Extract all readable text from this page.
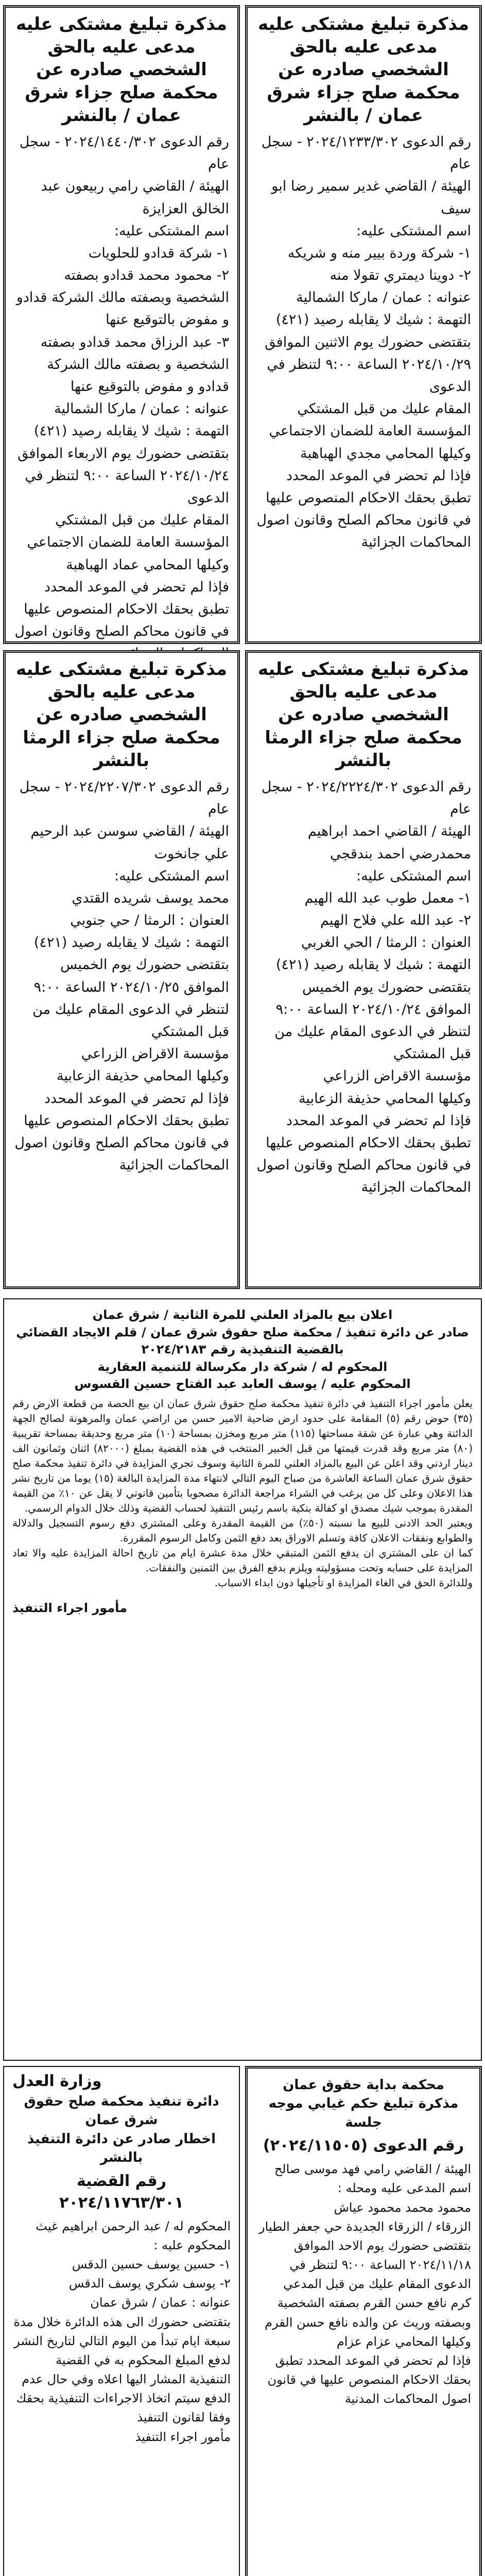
مذكرة تبليغ مشتكى عليه مدعى عليه بالحق الشخصي صادره عن محكمة صلح جزاء شرق عمان / بالنشر

رقم الدعوى ٢٠٢٤/١٢٣٣/٣٠٢ - سجل عام
الهيئة / القاضي غدير سمير رضا ابو سيف
اسم المشتكى عليه:
١- شركة وردة بيير منه و شريكه
٢- دوينا ديمتري تقولا منه
عنوانه : عمان / ماركا الشمالية
التهمة : شيك لا يقابله رصيد (٤٢١)
بتقتضى حضورك يوم الاثنين الموافق ٢٠٢٤/١٠/٢٩ الساعة ٩:٠٠ لتنظر في الدعوى
المقام عليك من قبل المشتكي المؤسسة العامة للضمان الاجتماعي
وكيلها المحامي مجدي الهباهبة
فإذا لم تحضر في الموعد المحدد تطبق بحقك الاحكام المنصوص عليها في قانون محاكم الصلح وقانون اصول المحاكمات الجزائية

مذكرة تبليغ مشتكى عليه مدعى عليه بالحق الشخصي صادره عن محكمة صلح جزاء شرق عمان / بالنشر

رقم الدعوى ٢٠٢٤/١٤٤٠/٣٠٢ - سجل عام
الهيئة / القاضي رامي ربيعون عبد الخالق العزايزة
اسم المشتكى عليه:
١- شركة قدادو للحلويات
٢- محمود محمد قدادو بصفته الشخصية وبصفته مالك الشركة قدادو و مفوض بالتوقيع عنها
٣- عبد الرزاق محمد قدادو بصفته الشخصية و بصفته مالك الشركة قدادو و مفوض بالتوقيع عنها
عنوانه : عمان / ماركا الشمالية
التهمة : شيك لا يقابله رصيد (٤٢١)
بتقتضى حضورك يوم الاربعاء الموافق ٢٠٢٤/١٠/٢٤ الساعة ٩:٠٠ لتنظر في الدعوى
المقام عليك من قبل المشتكي المؤسسة العامة للضمان الاجتماعي
وكيلها المحامي عماد الهباهبة
فإذا لم تحضر في الموعد المحدد تطبق بحقك الاحكام المنصوص عليها في قانون محاكم الصلح وقانون اصول

مذكرة تبليغ مشتكى عليه مدعى عليه بالحق الشخصي صادره عن محكمة صلح جزاء الرمثا بالنشر

رقم الدعوى ٢٠٢٤/٢٢٢٤/٣٠٢ - سجل عام
الهيئة / القاضي احمد ابراهيم محمدرضي احمد بندقجي
اسم المشتكى عليه:
١- معمل طوب عبد الله الهيم
٢- عبد الله علي فلاح الهيم
العنوان : الرمثا / الحي الغربي
التهمة : شيك لا يقابله رصيد (٤٢١)
بتقتضى حضورك يوم الخميس الموافق ٢٠٢٤/١٠/٢٤ الساعة ٩:٠٠ لتنظر في الدعوى المقام عليك من قبل المشتكي
مؤسسة الاقراض الزراعي
وكيلها المحامي حذيفة الزعابية
فإذا لم تحضر في الموعد المحدد تطبق بحقك الاحكام المنصوص عليها في قانون محاكم الصلح وقانون اصول المحاكمات الجزائية

مذكرة تبليغ مشتكى عليه مدعى عليه بالحق الشخصي صادره عن محكمة صلح جزاء الرمثا بالنشر

رقم الدعوى ٢٠٢٤/٢٢٠٧/٣٠٢ - سجل عام
الهيئة / القاضي سوسن عبد الرحيم علي جانخوت
اسم المشتكى عليه:
محمد يوسف شريده القتدي
العنوان : الرمثا / حي جنوبي
التهمة : شيك لا يقابله رصيد (٤٢١)
بتقتضى حضورك يوم الخميس الموافق ٢٠٢٤/١٠/٢٥ الساعة ٩:٠٠
لتنظر في الدعوى المقام عليك من قبل المشتكي
مؤسسة الاقراض الزراعي
وكيلها المحامي حذيفة الزعابية
فإذا لم تحضر في الموعد المحدد تطبق بحقك الاحكام المنصوص عليها في قانون محاكم الصلح وقانون اصول المحاكمات الجزائية

اعلان بيع بالمزاد العلني للمرة الثانية / شرق عمان
صادر عن دائرة تنفيذ / محكمة صلح حقوق شرق عمان / قلم الايجاد القضائي
بالقضية التنفيذية رقم ٢٠٢٤/٢١٨٣
المحكوم له / شركة دار مكرسالة للتنمية العقارية
المحكوم عليه / يوسف العابد عبد الفتاح حسين القسوس

يعلن مأمور اجراء التنفيذ في دائرة تنفيذ محكمة صلح حقوق شرق عمان ان بيع الحصة من قطعة الارض رقم (٣٥) حوض رقم (٥) المقامة على حدود ارض ضاحية الامير حسن من اراضي عمان والمرهونة لصالح الجهة الدائنة وهي عبارة عن شقة مساحتها (١١٥) متر مربع ومخزن بمساحة (١٠) متر مربع وحديقة بمساحة تقريبية (٨٠) متر مربع وقد قدرت قيمتها من قبل الخبير المنتخب في هذه القضية بمبلغ (٨٢٠٠٠) اثنان وثمانون الف دينار اردني وقد اعلن عن البيع بالمزاد العلني للمرة الثانية وسوف تجري المزايدة في دائرة تنفيذ محكمة صلح حقوق شرق عمان الساعة العاشرة من صباح اليوم التالي لانتهاء مدة المزايدة البالغة (١٥) يوما من تاريخ نشر هذا الاعلان وعلى كل من يرغب في الشراء مراجعة الدائرة مصحوبا بتأمين قانوني لا يقل عن ١٠٪ من القيمة المقدرة بموجب شيك مصدق او كفالة بنكية باسم رئيس التنفيذ لحساب القضية وذلك خلال الدوام الرسمي.
ويعتبر الحد الادنى للبيع ما نسبته (٥٠٪) من القيمة المقدرة وعلى المشتري دفع رسوم التسجيل والدلالة والطوابع ونفقات الاعلان كافة وتسلم الاوراق بعد دفع الثمن وكامل الرسوم المقررة.
كما ان على المشتري ان يدفع الثمن المتبقي خلال مدة عشرة ايام من تاريخ احالة المزايدة عليه والا تعاد المزايدة على حسابه وتحت مسؤوليته ويلزم بدفع الفرق بين الثمنين والنفقات.
وللدائرة الحق في الغاء المزايدة او تأجيلها دون ابداء الاسباب.

مأمور اجراء التنفيذ

محكمة بداية حقوق عمان
مذكرة تبليغ حكم غيابي موجه جلسة

رقم الدعوى (٢٠٢٤/١١٥٠٥)

الهيئة / القاضي رامي فهد موسى صالح
اسم المدعى عليه ومحله :
محمود محمد محمود عياش
الزرقاء / الزرقاء الجديدة حي جعفر الطيار
بتقتضى حضورك يوم الاحد الموافق ٢٠٢٤/١١/١٨ الساعة ٩:٠٠ لتنظر في الدعوى المقام عليك من قبل المدعي
كرم نافع حسن القرم بصفته الشخصية وبصفته وريث عن والده نافع حسن القرم
وكيلها المحامي عزام عزام
فإذا لم تحضر في الموعد المحدد تطبق بحقك الاحكام المنصوص عليها في قانون اصول المحاكمات المدنية

وزارة العدل

دائرة تنفيذ محكمة صلح حقوق شرق عمان
اخطار صادر عن دائرة التنفيذ بالنشر

رقم القضية ٢٠٢٤/١١٧٦٣/٣٠١

المحكوم له / عبد الرحمن ابراهيم غيث
المحكوم عليه :
١- حسين يوسف حسين الدقس
٢- يوسف شكري يوسف الدقس
عنوانه : عمان / شرق عمان
بتقتضى حضورك الى هذه الدائرة خلال مدة سبعة ايام تبدأ من اليوم التالي لتاريخ النشر لدفع المبلغ المحكوم به في القضية التنفيذية المشار اليها اعلاه وفي حال عدم الدفع سيتم اتخاذ الاجراءات التنفيذية بحقك وفقا لقانون التنفيذ
مأمور اجراء التنفيذ
